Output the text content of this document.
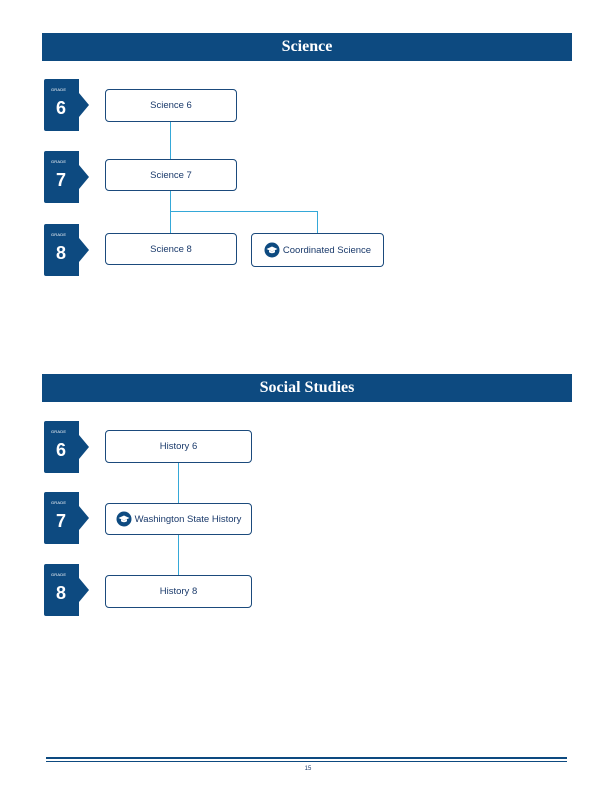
Science
GRADE
6
GRADE
7
GRADE
8
Science 6
Science 7
Science 8	Coordinated Science
Social Studies
GRADE
6
GRADE
7
GRADE
8
History 6
Washington State History
History 8
15
